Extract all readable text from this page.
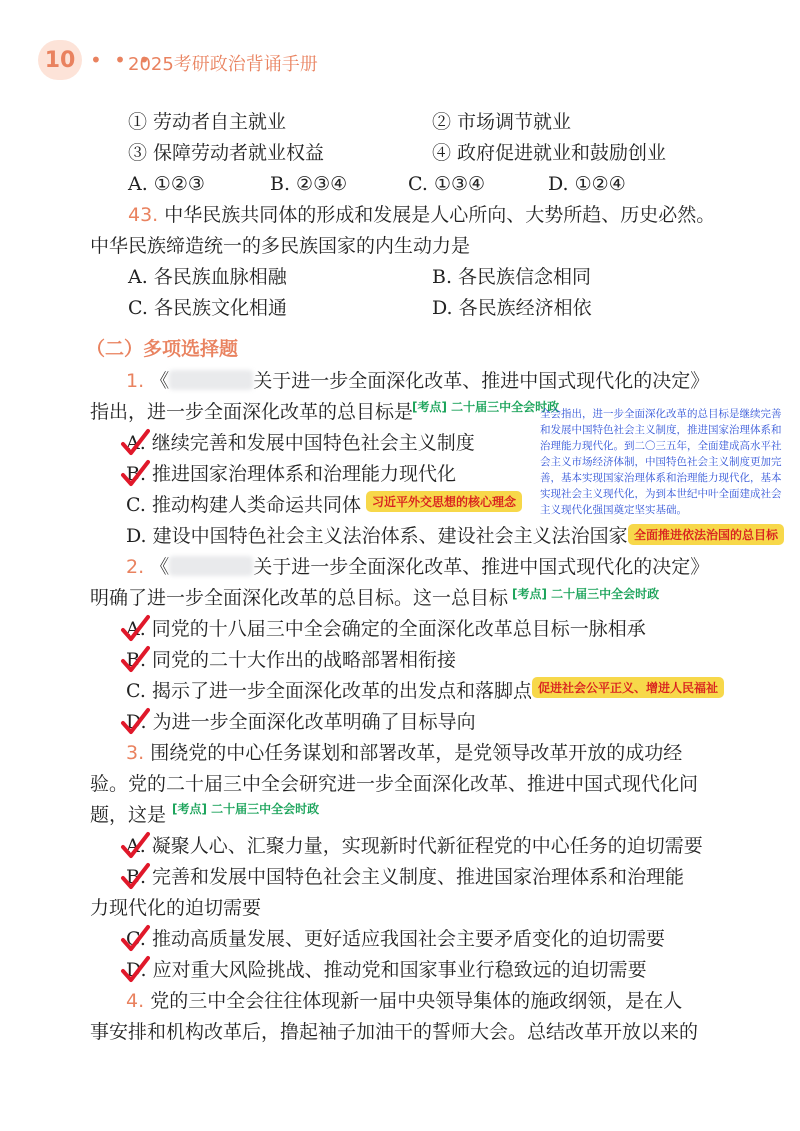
10 • • •
2025考研政治背诵手册
① 劳动者自主就业	② 市场调节就业
③ 保障劳动者就业权益	④ 政府促进就业和鼓励创业
A. ①②③	B. ②③④	C. ①③④	D. ①②④
43. 中华民族共同体的形成和发展是人心所向、大势所趋、历史必然。
中华民族缔造统一的多民族国家的内生动力是
A. 各民族血脉相融	B. 各民族信念相同
C. 各民族文化相通	D. 各民族经济相依
（二）多项选择题
1. 《	关于进一步全面深化改革、推进中国式现代化的决定》
指出，进一步全面深化改革的总目标是
[考点] 二十届三中全会时政
A. 继续完善和发展中国特色社会主义制度
B. 推进国家治理体系和治理能力现代化
C. 推动构建人类命运共同体 习近平外交思想的核心理念
D. 建设中国特色社会主义法治体系、建设社会主义法治国家 全面推进依法治国的总目标
全会指出，进一步全面深化改革的总目标是继续完善和发展中国特色社会主义制度，推进国家治理体系和治理能力现代化。到二〇三五年，全面建成高水平社会主义市场经济体制，中国特色社会主义制度更加完善，基本实现国家治理体系和治理能力现代化，基本实现社会主义现代化，为到本世纪中叶全面建成社会主义现代化强国奠定坚实基础。
2. 《	关于进一步全面深化改革、推进中国式现代化的决定》
明确了进一步全面深化改革的总目标。这一总目标 [考点] 二十届三中全会时政
A. 同党的十八届三中全会确定的全面深化改革总目标一脉相承
B. 同党的二十大作出的战略部署相衔接
C. 揭示了进一步全面深化改革的出发点和落脚点 促进社会公平正义、增进人民福祉
D. 为进一步全面深化改革明确了目标导向
3. 围绕党的中心任务谋划和部署改革，是党领导改革开放的成功经
验。党的二十届三中全会研究进一步全面深化改革、推进中国式现代化问
题，这是 [考点] 二十届三中全会时政
A. 凝聚人心、汇聚力量，实现新时代新征程党的中心任务的迫切需要
B. 完善和发展中国特色社会主义制度、推进国家治理体系和治理能
力现代化的迫切需要
C. 推动高质量发展、更好适应我国社会主要矛盾变化的迫切需要
D. 应对重大风险挑战、推动党和国家事业行稳致远的迫切需要
4. 党的三中全会往往体现新一届中央领导集体的施政纲领，是在人
事安排和机构改革后，撸起袖子加油干的誓师大会。总结改革开放以来的
